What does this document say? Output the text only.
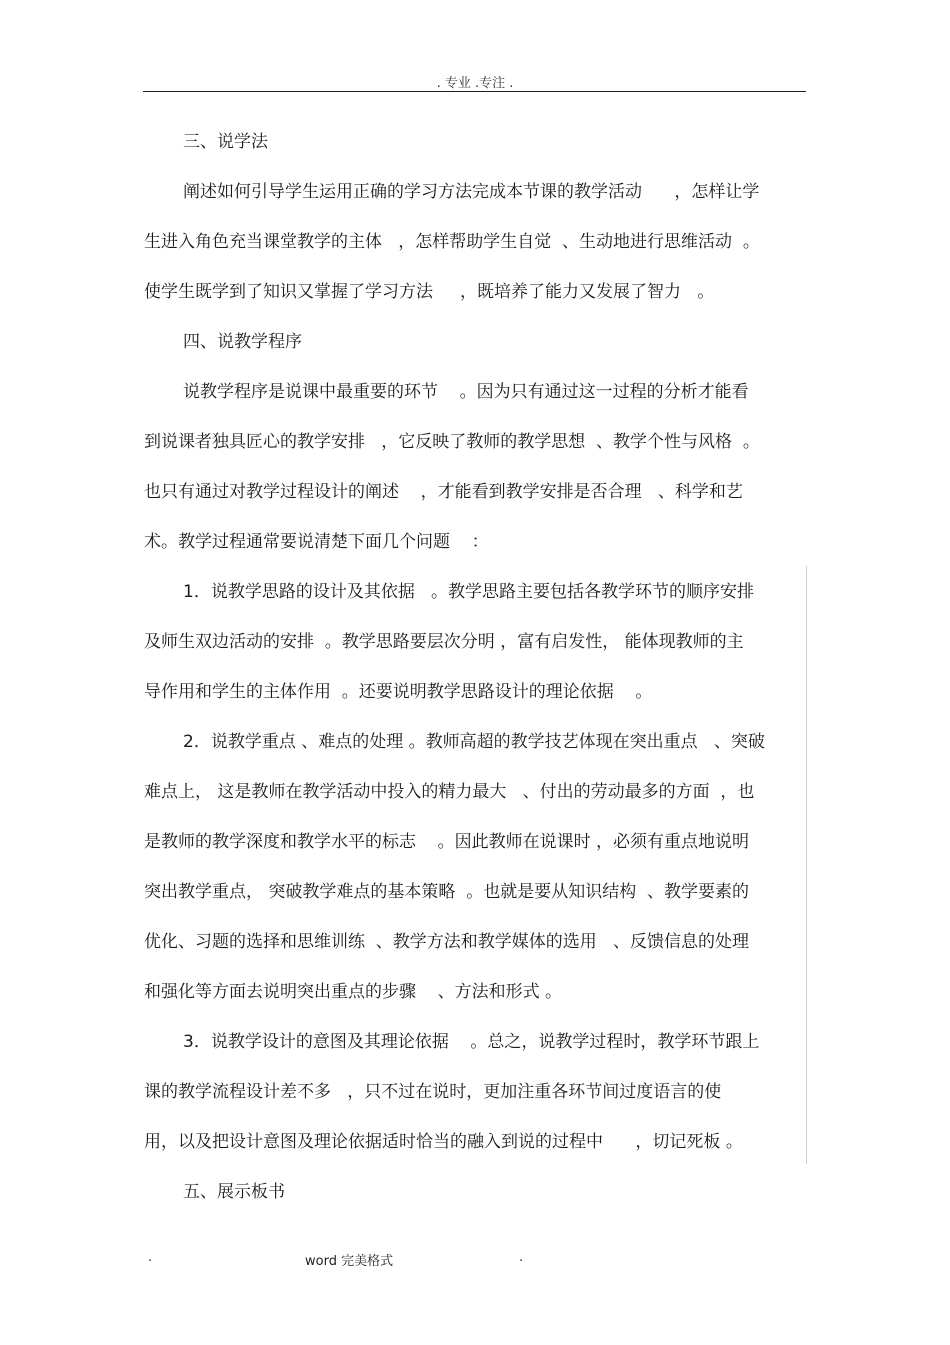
. 专业 .专注 .
三、说学法
阐述如何引导学生运用正确的学习方法完成本节课的教学活动      ，怎样让学
生进入角色充当课堂教学的主体   ，怎样帮助学生自觉  、生动地进行思维活动  。
使学生既学到了知识又掌握了学习方法     ，既培养了能力又发展了智力   。
四、说教学程序
说教学程序是说课中最重要的环节    。因为只有通过这一过程的分析才能看
到说课者独具匠心的教学安排   ，它反映了教师的教学思想  、教学个性与风格  。
也只有通过对教学过程设计的阐述    ，才能看到教学安排是否合理   、科学和艺
术。教学过程通常要说清楚下面几个问题    ：
1．说教学思路的设计及其依据   。教学思路主要包括各教学环节的顺序安排
及师生双边活动的安排  。教学思路要层次分明 ，富有启发性， 能体现教师的主
导作用和学生的主体作用  。还要说明教学思路设计的理论依据    。
2．说教学重点 、难点的处理 。教师高超的教学技艺体现在突出重点   、突破
难点上， 这是教师在教学活动中投入的精力最大   、付出的劳动最多的方面  ，也
是教师的教学深度和教学水平的标志    。因此教师在说课时 ，必须有重点地说明
突出教学重点， 突破教学难点的基本策略  。也就是要从知识结构  、教学要素的
优化、习题的选择和思维训练  、教学方法和教学媒体的选用   、反馈信息的处理
和强化等方面去说明突出重点的步骤    、方法和形式 。
3．说教学设计的意图及其理论依据    。总之，说教学过程时，教学环节跟上
课的教学流程设计差不多   ，只不过在说时，更加注重各环节间过度语言的使
用，以及把设计意图及理论依据适时恰当的融入到说的过程中      ，切记死板 。
五、展示板书
.	word 完美格式	.
